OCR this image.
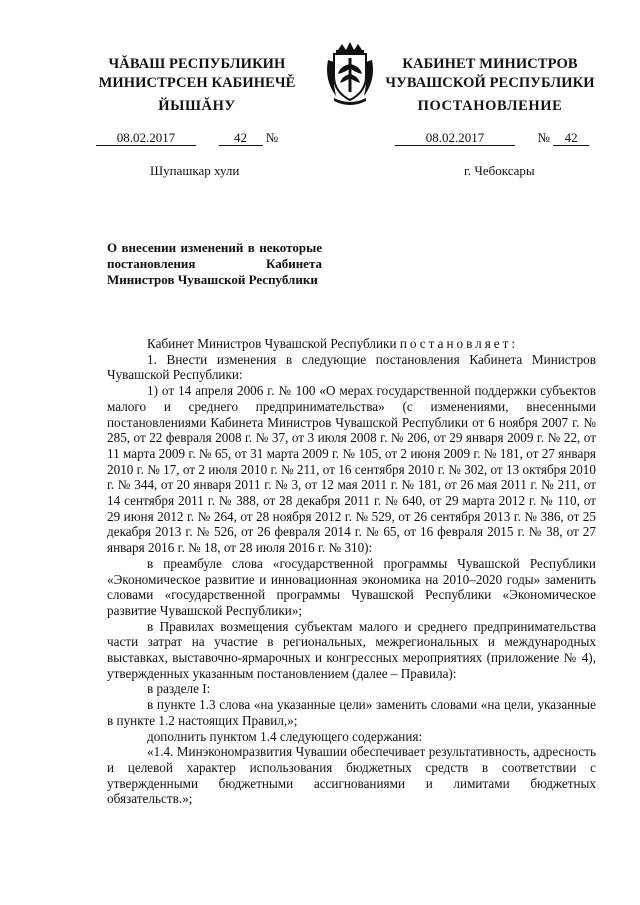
ЧĂВАШ РЕСПУБЛИКИН
МИНИСТРСЕН КАБИНЕЧĚ
ЙЫШĂНУ
КАБИНЕТ МИНИСТРОВ
ЧУВАШСКОЙ РЕСПУБЛИКИ
ПОСТАНОВЛЕНИЕ
08.02.2017	42 №	08.02.2017	№ 42
Шупашкар хули	г. Чебоксары
О внесении изменений в некоторые постановления Кабинета Министров Чувашской Республики

Кабинет Министров Чувашской Республики постановляет:

1. Внести изменения в следующие постановления Кабинета Министров Чувашской Республики:

1) от 14 апреля 2006 г. № 100 «О мерах государственной поддержки субъектов малого и среднего предпринимательства» (с изменениями, внесенными постановлениями Кабинета Министров Чувашской Республики от 6 ноября 2007 г. № 285, от 22 февраля 2008 г. № 37, от 3 июля 2008 г. № 206, от 29 января 2009 г. № 22, от 11 марта 2009 г. № 65, от 31 марта 2009 г. № 105, от 2 июня 2009 г. № 181, от 27 января 2010 г. № 17, от 2 июля 2010 г. № 211, от 16 сентября 2010 г. № 302, от 13 октября 2010 г. № 344, от 20 января 2011 г. № 3, от 12 мая 2011 г. № 181, от 26 мая 2011 г. № 211, от 14 сентября 2011 г. № 388, от 28 декабря 2011 г. № 640, от 29 марта 2012 г. № 110, от 29 июня 2012 г. № 264, от 28 ноября 2012 г. № 529, от 26 сентября 2013 г. № 386, от 25 декабря 2013 г. № 526, от 26 февраля 2014 г. № 65, от 16 февраля 2015 г. № 38, от 27 января 2016 г. № 18, от 28 июля 2016 г. № 310):

в преамбуле слова «государственной программы Чувашской Республики «Экономическое развитие и инновационная экономика на 2010–2020 годы» заменить словами «государственной программы Чувашской Республики «Экономическое развитие Чувашской Республики»;

в Правилах возмещения субъектам малого и среднего предпринимательства части затрат на участие в региональных, межрегиональных и международных выставках, выставочно-ярмарочных и конгрессных мероприятиях (приложение № 4), утвержденных указанным постановлением (далее – Правила):

в разделе I:

в пункте 1.3 слова «на указанные цели» заменить словами «на цели, указанные в пункте 1.2 настоящих Правил,»;

дополнить пунктом 1.4 следующего содержания:

«1.4. Минэкономразвития Чувашии обеспечивает результативность, адресность и целевой характер использования бюджетных средств в соответствии с утвержденными бюджетными ассигнованиями и лимитами бюджетных обязательств.»;
